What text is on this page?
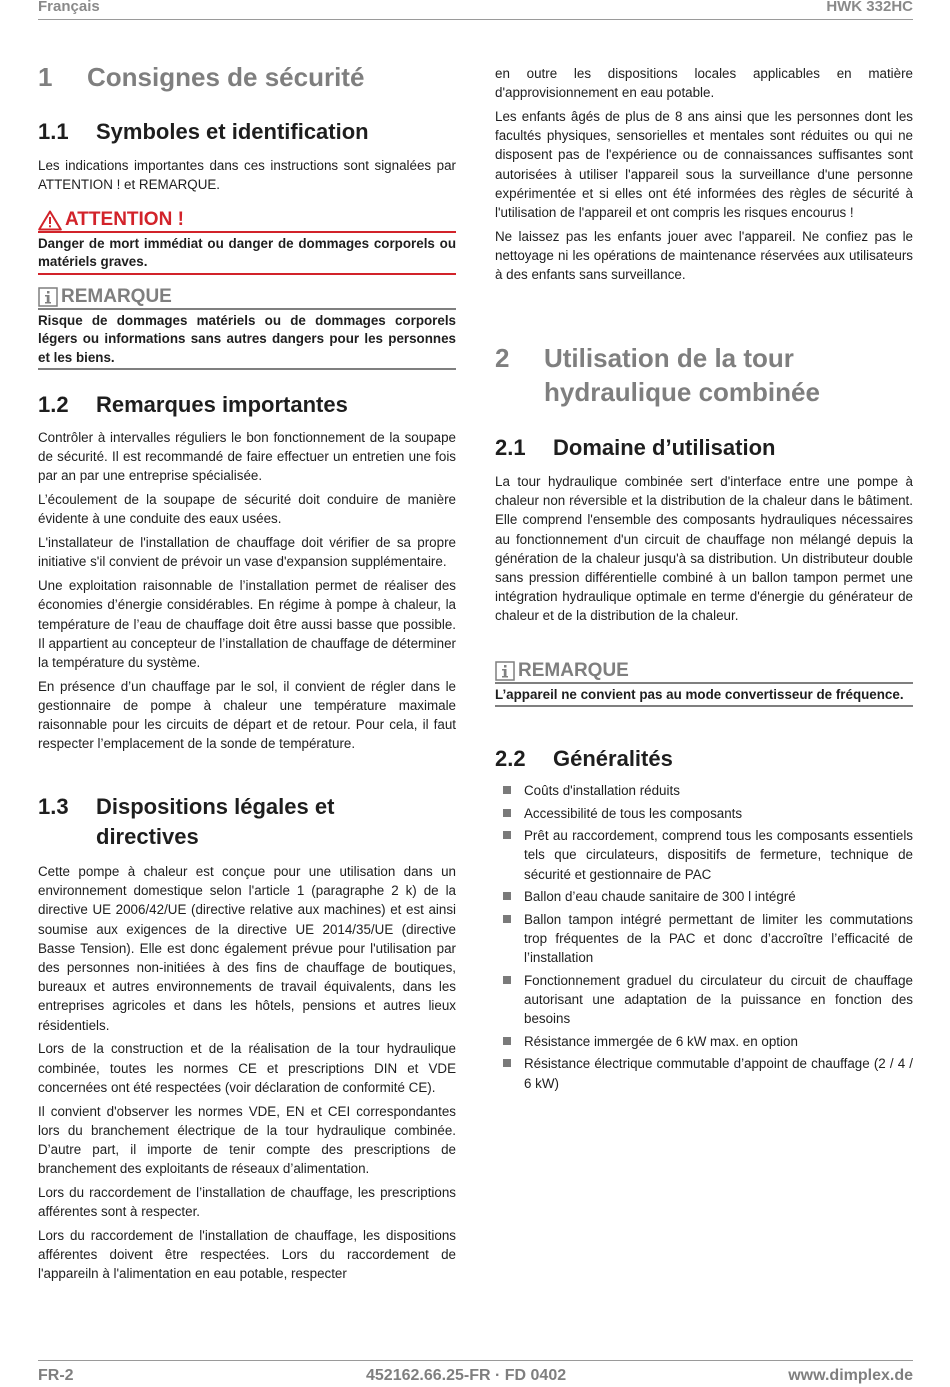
Français	HWK 332HC
1	Consignes de sécurité
1.1	Symboles et identification

Les indications importantes dans ces instructions sont signalées par ATTENTION ! et REMARQUE.

ATTENTION !
Danger de mort immédiat ou danger de dommages corporels ou matériels graves.
REMARQUE
Risque de dommages matériels ou de dommages corporels légers ou informations sans autres dangers pour les personnes et les biens.
1.2	Remarques importantes

Contrôler à intervalles réguliers le bon fonctionnement de la soupape de sécurité. Il est recommandé de faire effectuer un entretien une fois par an par une entreprise spécialisée.

L’écoulement de la soupape de sécurité doit conduire de manière évidente à une conduite des eaux usées.

L'installateur de l'installation de chauffage doit vérifier de sa propre initiative s'il convient de prévoir un vase d'expansion supplémentaire.

Une exploitation raisonnable de l’installation permet de réaliser des économies d’énergie considérables. En régime à pompe à chaleur, la température de l’eau de chauffage doit être aussi basse que possible. Il appartient au concepteur de l’installation de chauffage de déterminer la température du système.

En présence d’un chauffage par le sol, il convient de régler dans le gestionnaire de pompe à chaleur une température maximale raisonnable pour les circuits de départ et de retour. Pour cela, il faut respecter l’emplacement de la sonde de température.

1.3	Dispositions légales et
directives

Cette pompe à chaleur est conçue pour une utilisation dans un environnement domestique selon l'article 1 (paragraphe 2 k) de la directive UE 2006/42/UE (directive relative aux machines) et est ainsi soumise aux exigences de la directive UE 2014/35/UE (directive Basse Tension). Elle est donc également prévue pour l'utilisation par des personnes non-initiées à des fins de chauffage de boutiques, bureaux et autres environnements de travail équivalents, dans les entreprises agricoles et dans les hôtels, pensions et autres lieux résidentiels.

Lors de la construction et de la réalisation de la tour hydraulique combinée, toutes les normes CE et prescriptions DIN et VDE concernées ont été respectées (voir déclaration de conformité CE).

Il convient d'observer les normes VDE, EN et CEI correspondantes lors du branchement électrique de la tour hydraulique combinée. D’autre part, il importe de tenir compte des prescriptions de branchement des exploitants de réseaux d’alimentation.

Lors du raccordement de l’installation de chauffage, les prescriptions afférentes sont à respecter.

Lors du raccordement de l'installation de chauffage, les dispositions afférentes doivent être respectées. Lors du raccordement de l'appareiln à l'alimentation en eau potable, respecter

en outre les dispositions locales applicables en matière d'approvisionnement en eau potable.

Les enfants âgés de plus de 8 ans ainsi que les personnes dont les facultés physiques, sensorielles et mentales sont réduites ou qui ne disposent pas de l'expérience ou de connaissances suffisantes sont autorisées à utiliser l'appareil sous la surveillance d'une personne expérimentée et si elles ont été informées des règles de sécurité à l'utilisation de l'appareil et ont compris les risques encourus !

Ne laissez pas les enfants jouer avec l'appareil. Ne confiez pas le nettoyage ni les opérations de maintenance réservées aux utilisateurs à des enfants sans surveillance.

2	Utilisation de la tour
hydraulique combinée
2.1	Domaine d’utilisation

La tour hydraulique combinée sert d'interface entre une pompe à chaleur non réversible et la distribution de la chaleur dans le bâtiment. Elle comprend l'ensemble des composants hydrauliques nécessaires au fonctionnement d'un circuit de chauffage non mélangé depuis la génération de la chaleur jusqu'à sa distribution. Un distributeur double sans pression différentielle combiné à un ballon tampon permet une intégration hydraulique optimale en terme d'énergie du générateur de chaleur et de la distribution de la chaleur.

REMARQUE
L’appareil ne convient pas au mode convertisseur de fréquence.
2.2	Généralités
Coûts d'installation réduits
Accessibilité de tous les composants
Prêt au raccordement, comprend tous les composants essentiels tels que circulateurs, dispositifs de fermeture, technique de sécurité et gestionnaire de PAC
Ballon d’eau chaude sanitaire de 300 l intégré
Ballon tampon intégré permettant de limiter les commutations trop fréquentes de la PAC et donc d’accroître l’efficacité de l’installation
Fonctionnement graduel du circulateur du circuit de chauffage autorisant une adaptation de la puissance en fonction des besoins
Résistance immergée de 6 kW max. en option
Résistance électrique commutable d’appoint de chauffage (2 / 4 / 6 kW)
FR-2	452162.66.25-FR · FD 0402	www.dimplex.de
